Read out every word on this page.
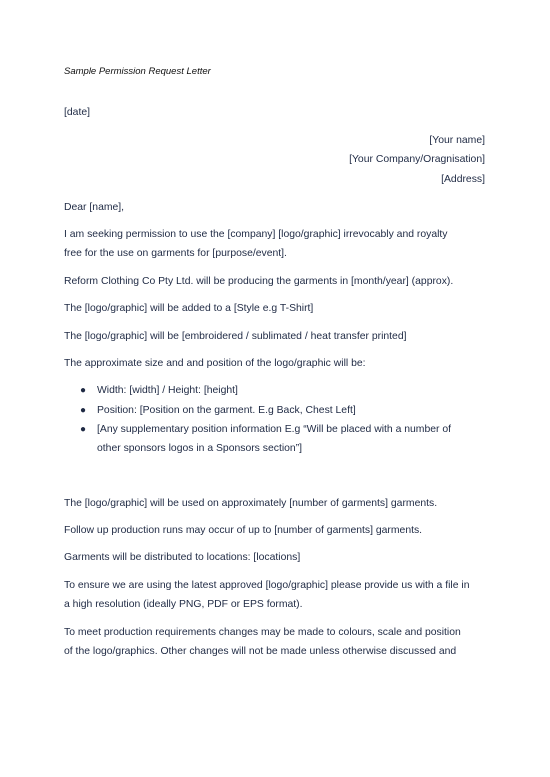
Sample Permission Request Letter
[date]
[Your name]
[Your Company/Oragnisation]
[Address]
Dear [name],
I am seeking permission to use the [company] [logo/graphic] irrevocably and royalty
free for the use on garments for [purpose/event].
Reform Clothing Co Pty Ltd. will be producing the garments in [month/year] (approx).
The [logo/graphic] will be added to a [Style e.g T-Shirt]
The [logo/graphic] will be [embroidered / sublimated / heat transfer printed]
The approximate size and and position of the logo/graphic will be:
● Width: [width] / Height: [height]
● Position: [Position on the garment. E.g Back, Chest Left]
● [Any supplementary position information E.g “Will be placed with a number of
other sponsors logos in a Sponsors section”]
The [logo/graphic] will be used on approximately [number of garments] garments.
Follow up production runs may occur of up to [number of garments] garments.
Garments will be distributed to locations: [locations]
To ensure we are using the latest approved [logo/graphic] please provide us with a file in
a high resolution (ideally PNG, PDF or EPS format).
To meet production requirements changes may be made to colours, scale and position
of the logo/graphics. Other changes will not be made unless otherwise discussed and
